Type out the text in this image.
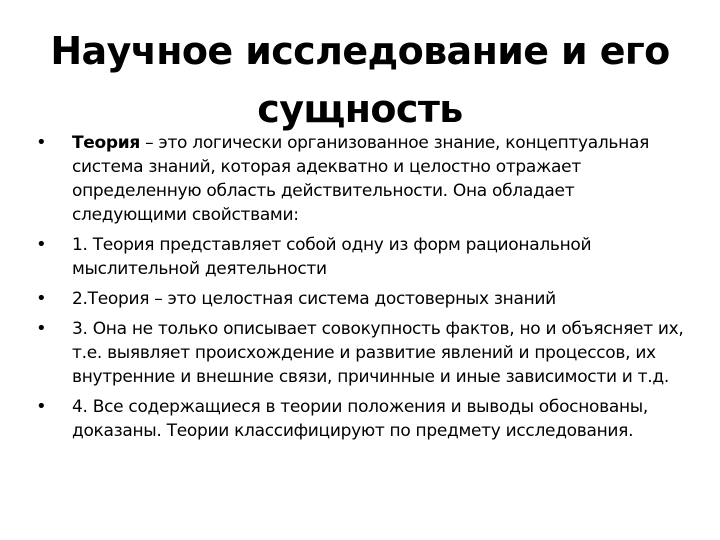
Научное исследование и его сущность
• Теория – это логически организованное знание, концептуальная система знаний, которая адекватно и целостно отражает определенную область действительности. Она обладает следующими свойствами:
• 1. Теория представляет собой одну из форм рациональной мыслительной деятельности
• 2.Теория – это целостная система достоверных знаний
• 3. Она не только описывает совокупность фактов, но и объясняет их, т.е. выявляет происхождение и развитие явлений и процессов, их внутренние и внешние связи, причинные и иные зависимости и т.д.
• 4. Все содержащиеся в теории положения и выводы обоснованы, доказаны. Теории классифицируют по предмету исследования.
